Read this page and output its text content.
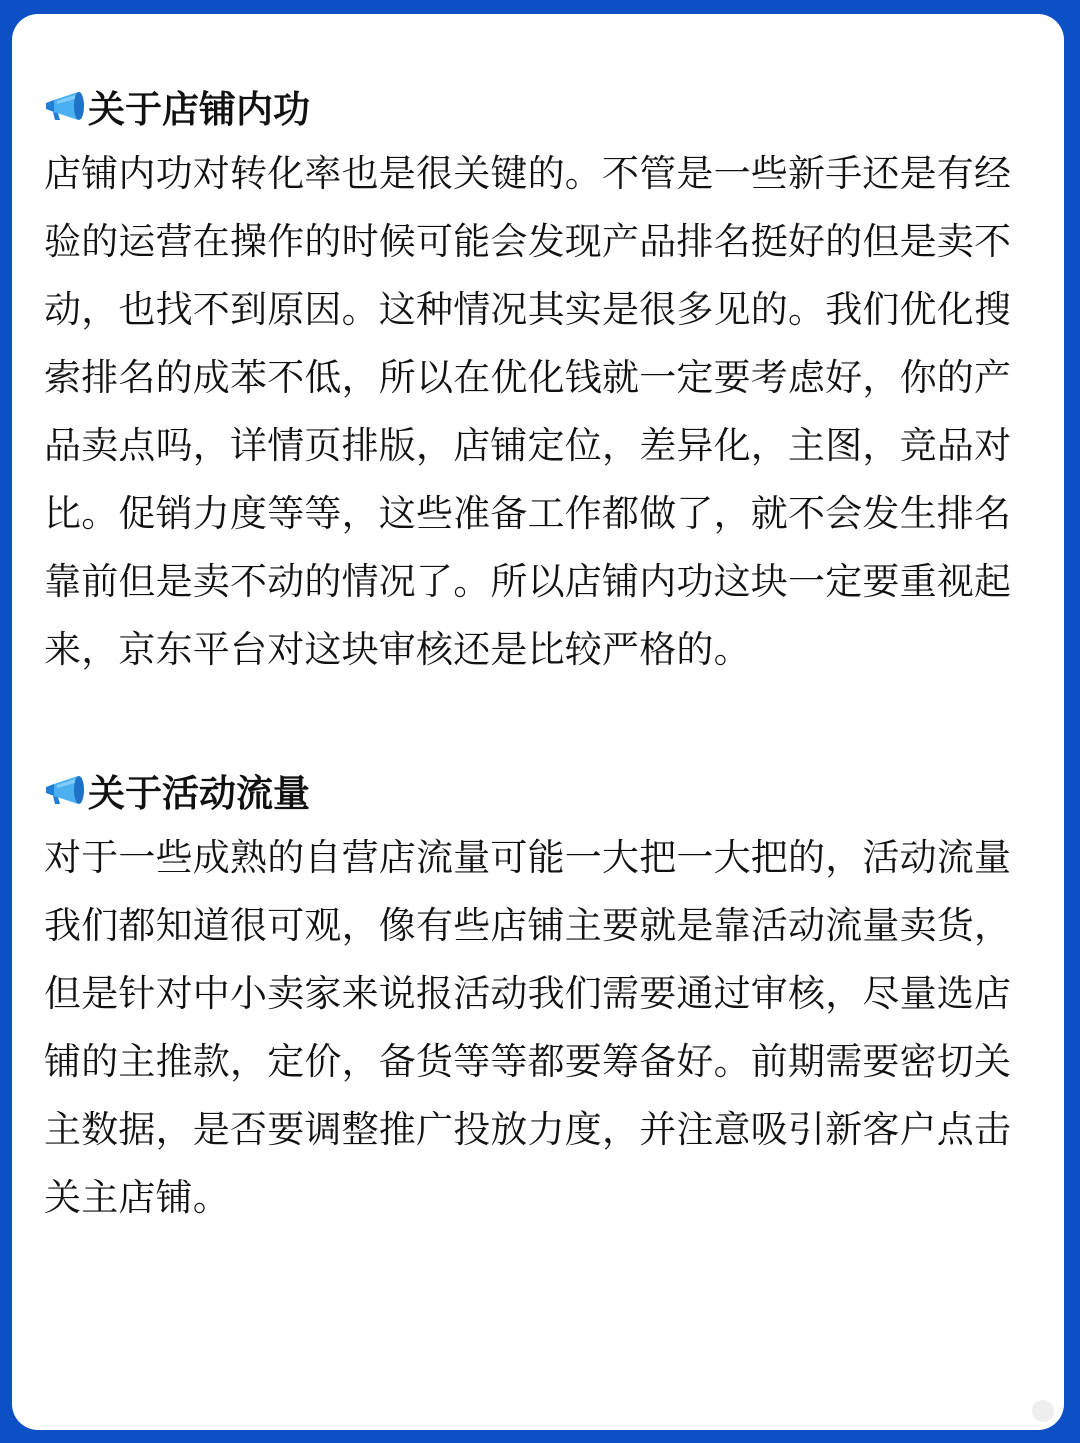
关于店铺内功
店铺内功对转化率也是很关键的。不管是一些新手还是有经验的运营在操作的时候可能会发现产品排名挺好的但是卖不动，也找不到原因。这种情况其实是很多见的。我们优化搜索排名的成苯不低，所以在优化钱就一定要考虑好，你的产品卖点吗，详情页排版，店铺定位，差异化，主图，竞品对比。促销力度等等，这些准备工作都做了，就不会发生排名靠前但是卖不动的情况了。所以店铺内功这块一定要重视起来，京东平台对这块审核还是比较严格的。
关于活动流量
对于一些成熟的自营店流量可能一大把一大把的，活动流量我们都知道很可观，像有些店铺主要就是靠活动流量卖货，但是针对中小卖家来说报活动我们需要通过审核，尽量选店铺的主推款，定价，备货等等都要筹备好。前期需要密切关主数据，是否要调整推广投放力度，并注意吸引新客户点击关主店铺。
